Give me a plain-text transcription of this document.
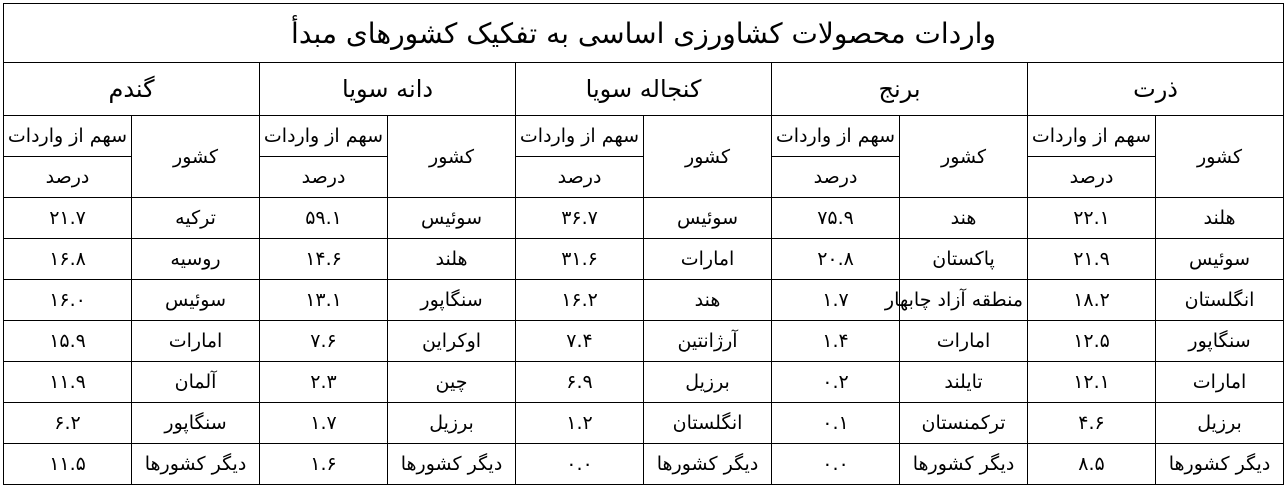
واردات محصولات کشاورزی اساسی به تفکیک کشورهای مبدأ									
ذرت		برنج		کنجاله سویا		دانه سویا		گندم	
کشور	سهم از واردات	کشور	سهم از واردات	کشور	سهم از واردات	کشور	سهم از واردات	کشور	سهم از واردات
	درصد		درصد		درصد		درصد		درصد
هلند	۲۲.۱	هند	۷۵.۹	سوئیس	۳۶.۷	سوئیس	۵۹.۱	ترکیه	۲۱.۷
سوئیس	۲۱.۹	پاکستان	۲۰.۸	امارات	۳۱.۶	هلند	۱۴.۶	روسیه	۱۶.۸
انگلستان	۱۸.۲	منطقه آزاد چابهار	۱.۷	هند	۱۶.۲	سنگاپور	۱۳.۱	سوئیس	۱۶.۰
سنگاپور	۱۲.۵	امارات	۱.۴	آرژانتین	۷.۴	اوکراین	۷.۶	امارات	۱۵.۹
امارات	۱۲.۱	تایلند	۰.۲	برزیل	۶.۹	چین	۲.۳	آلمان	۱۱.۹
برزیل	۴.۶	ترکمنستان	۰.۱	انگلستان	۱.۲	برزیل	۱.۷	سنگاپور	۶.۲
دیگر کشورها	۸.۵	دیگر کشورها	۰.۰	دیگر کشورها	۰.۰	دیگر کشورها	۱.۶	دیگر کشورها	۱۱.۵
